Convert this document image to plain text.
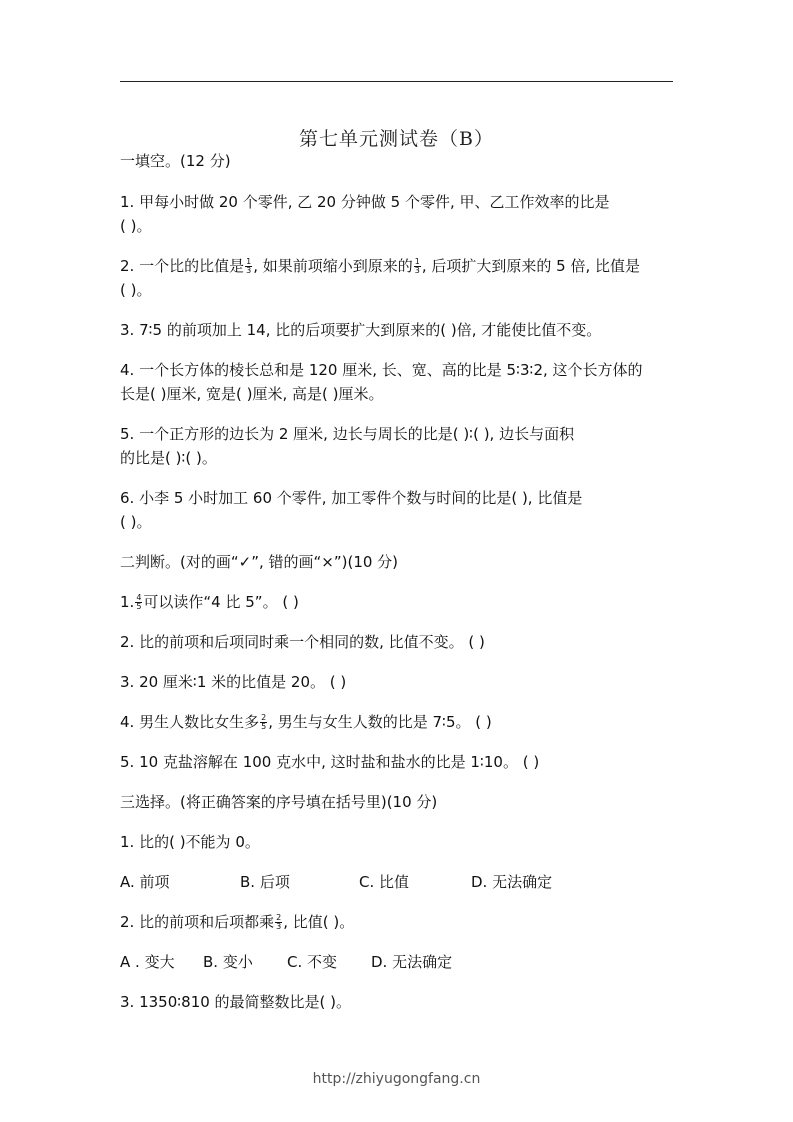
第七单元测试卷（B）
一填空。(12 分)
1. 甲每小时做 20 个零件, 乙 20 分钟做 5 个零件, 甲、乙工作效率的比是
( )。
2. 一个比的比值是 $\frac{1}{3}$ , 如果前项缩小到原来的 $\frac{1}{3}$ , 后项扩大到原来的 5 倍, 比值是
( )。
3. 7∶5 的前项加上 14, 比的后项要扩大到原来的( )倍, 才能使比值不变。
4. 一个长方体的棱长总和是 120 厘米, 长、宽、高的比是 5∶3∶2, 这个长方体的
长是( )厘米, 宽是( )厘米, 高是( )厘米。
5. 一个正方形的边长为 2 厘米, 边长与周长的比是( )∶( ), 边长与面积
的比是( )∶( )。
6. 小李 5 小时加工 60 个零件, 加工零件个数与时间的比是( ), 比值是
( )。
二判断。(对的画“✓”, 错的画“×”)(10 分)
1. $\frac{4}{5}$ 可以读作“4 比 5”。 ( )
2. 比的前项和后项同时乘一个相同的数, 比值不变。 ( )
3. 20 厘米∶1 米的比值是 20。 ( )
4. 男生人数比女生多 $\frac{2}{5}$ , 男生与女生人数的比是 7∶5。 ( )
5. 10 克盐溶解在 100 克水中, 这时盐和盐水的比是 1∶10。 ( )
三选择。(将正确答案的序号填在括号里)(10 分)
1. 比的( )不能为 0。
A. 前项	B. 后项	C. 比值	D. 无法确定
2. 比的前项和后项都乘 $\frac{2}{3}$ , 比值( )。
A . 变大 B. 变小 C. 不变 D. 无法确定
3. 1350∶810 的最简整数比是( )。
http://zhiyugongfang.cn
